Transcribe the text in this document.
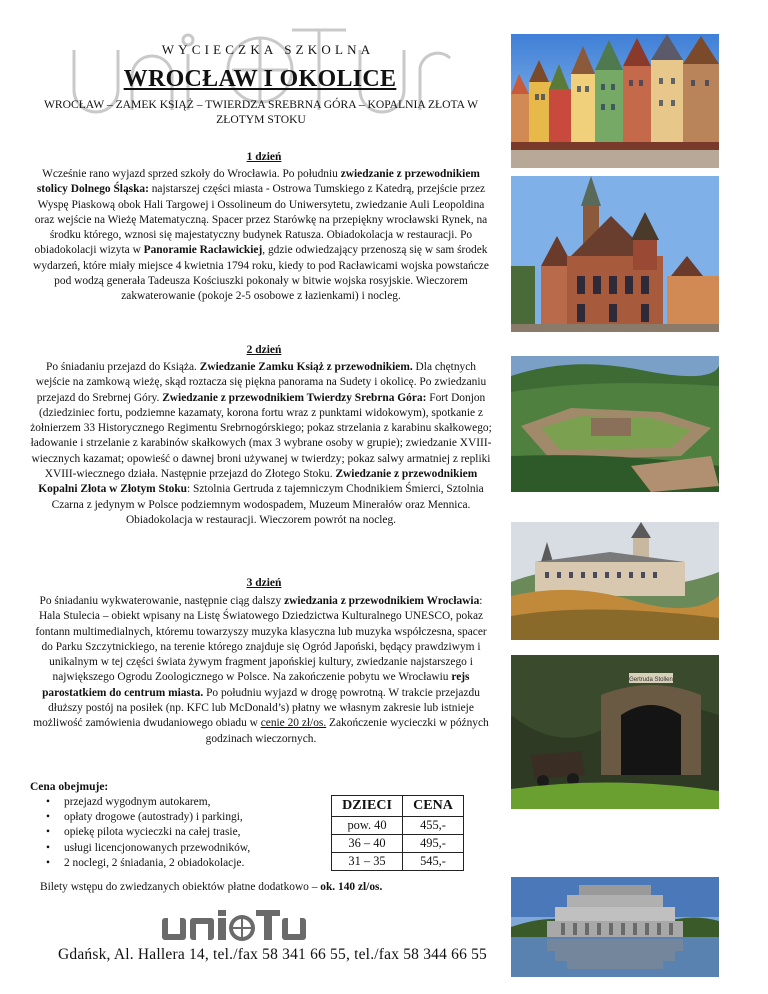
WYCIECZKA SZKOLNA
WROCŁAW I OKOLICE
WROCŁAW – ZAMEK KSIĄŻ – TWIERDZA SREBRNA GÓRA – KOPALNIA ZŁOTA W ZŁOTYM STOKU
1 dzień
Wcześnie rano wyjazd sprzed szkoły do Wrocławia. Po południu zwiedzanie z przewodnikiem stolicy Dolnego Śląska: najstarszej części miasta - Ostrowa Tumskiego z Katedrą, przejście przez Wyspę Piaskową obok Hali Targowej i Ossolineum do Uniwersytetu, zwiedzanie Auli Leopoldina oraz wejście na Wieżę Matematyczną. Spacer przez Starówkę na przepiękny wrocławski Rynek, na środku którego, wznosi się majestatyczny budynek Ratusza. Obiadokolacja w restauracji. Po obiadokolacji wizyta w Panoramie Racławickiej, gdzie odwiedzający przenoszą się w sam środek wydarzeń, które miały miejsce 4 kwietnia 1794 roku, kiedy to pod Racławicami wojska powstańcze pod wodzą generała Tadeusza Kościuszki pokonały w bitwie wojska rosyjskie. Wieczorem zakwaterowanie (pokoje 2-5 osobowe z łazienkami) i nocleg.
2 dzień
Po śniadaniu przejazd do Książa. Zwiedzanie Zamku Książ z przewodnikiem. Dla chętnych wejście na zamkową wieżę, skąd roztacza się piękna panorama na Sudety i okolicę. Po zwiedzaniu przejazd do Srebrnej Góry. Zwiedzanie z przewodnikiem Twierdzy Srebrna Góra: Fort Donjon (dziedziniec fortu, podziemne kazamaty, korona fortu wraz z punktami widokowym), spotkanie z żołnierzem 33 Historycznego Regimentu Srebrnogórskiego; pokaz strzelania z karabinu skałkowego; ładowanie i strzelanie z karabinów skałkowych (max 3 wybrane osoby w grupie); zwiedzanie XVIII-wiecznych kazamat; opowieść o dawnej broni używanej w twierdzy; pokaz salwy armatniej z repliki XVIII-wiecznego działa. Następnie przejazd do Złotego Stoku. Zwiedzanie z przewodnikiem Kopalni Złota w Złotym Stoku: Sztolnia Gertruda z tajemniczym Chodnikiem Śmierci, Sztolnia Czarna z jedynym w Polsce podziemnym wodospadem, Muzeum Minerałów oraz Mennica. Obiadokolacja w restauracji. Wieczorem powrót na nocleg.
3 dzień
Po śniadaniu wykwaterowanie, następnie ciąg dalszy zwiedzania z przewodnikiem Wrocławia: Hala Stulecia – obiekt wpisany na Listę Światowego Dziedzictwa Kulturalnego UNESCO, pokaz fontann multimedialnych, któremu towarzyszy muzyka klasyczna lub muzyka współczesna, spacer do Parku Szczytnickiego, na terenie którego znajduje się Ogród Japoński, będący prawdziwym i unikalnym w tej części świata żywym fragment japońskiej kultury, zwiedzanie najstarszego i największego Ogrodu Zoologicznego w Polsce. Na zakończenie pobytu we Wrocławiu rejs parostatkiem do centrum miasta. Po południu wyjazd w drogę powrotną. W trakcie przejazdu dłuższy postój na posiłek (np. KFC lub McDonald’s) płatny we własnym zakresie lub istnieje możliwość zamówienia dwudaniowego obiadu w cenie 20 zł/os. Zakończenie wycieczki w późnych godzinach wieczornych.
Cena obejmuje:
• przejazd wygodnym autokarem,
• opłaty drogowe (autostrady) i parkingi,
• opiekę pilota wycieczki na całej trasie,
• usługi licencjonowanych przewodników,
• 2 noclegi, 2 śniadania, 2 obiadokolacje.
DZIECI	CENA
pow. 40	455,-
36 – 40	495,-
31 – 35	545,-
Bilety wstępu do zwiedzanych obiektów płatne dodatkowo – ok. 140 zl/os.
Gdańsk, Al. Hallera 14, tel./fax 58 341 66 55, tel./fax 58 344 66 55
Gertruda Stollen
